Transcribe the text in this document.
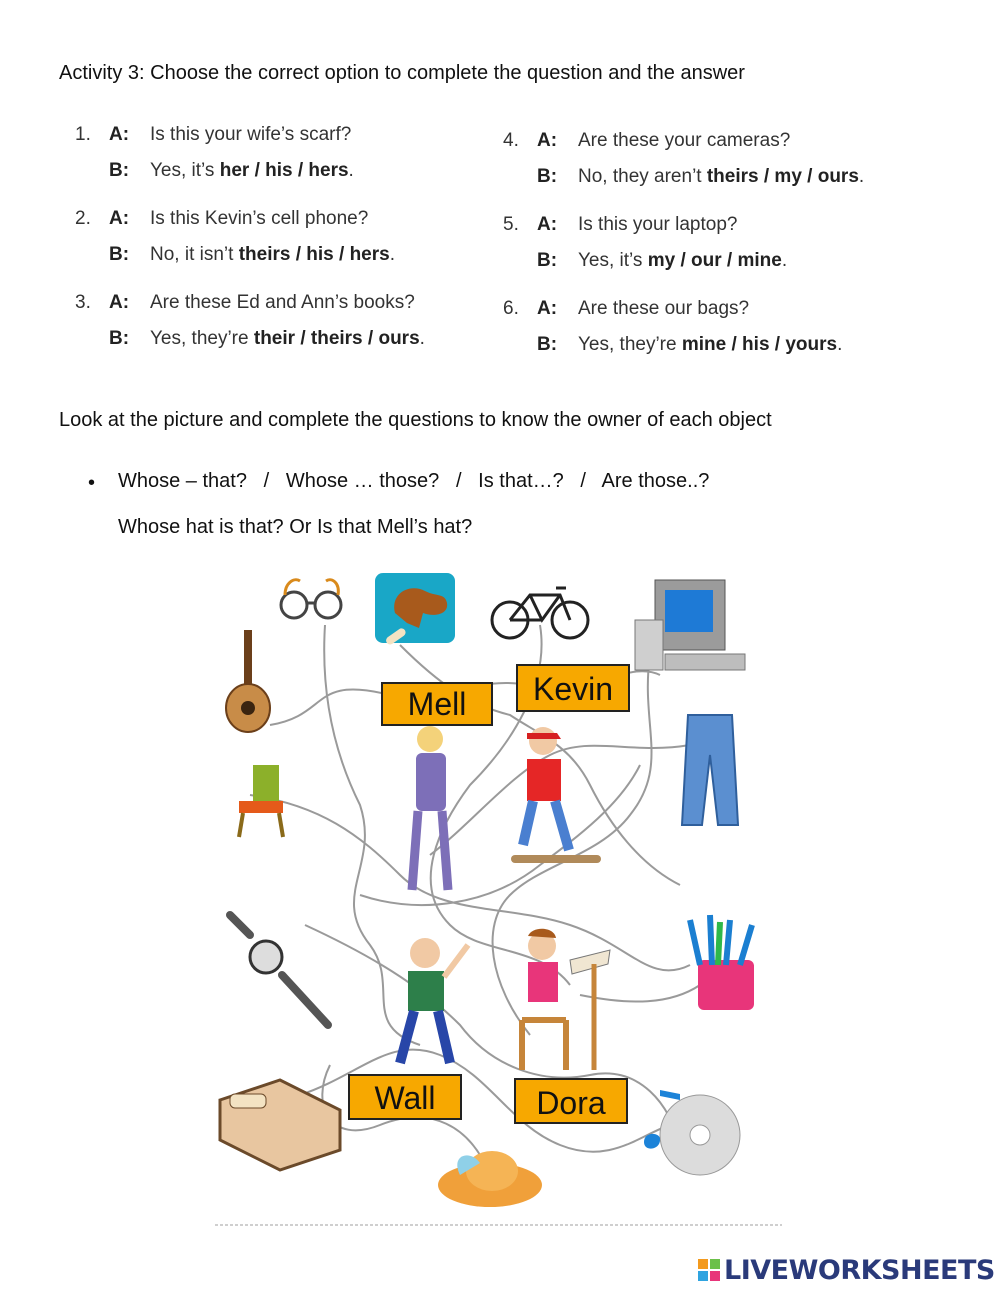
Activity 3: Choose the correct option to complete the question and the answer
1. A: Is this your wife’s scarf?
B: Yes, it’s her / his / hers.
2. A: Is this Kevin’s cell phone?
B: No, it isn’t theirs / his / hers.
3. A: Are these Ed and Ann’s books?
B: Yes, they’re their / theirs / ours.
4. A: Are these your cameras?
B: No, they aren’t theirs / my / ours.
5. A: Is this your laptop?
B: Yes, it’s my / our / mine.
6. A: Are these our bags?
B: Yes, they’re mine / his / yours.
Look at the picture and complete the questions to know the owner of each object
• Whose – that?   /   Whose … those?   /   Is that…?   /   Are those..?
Whose hat is that? Or Is that Mell’s hat?
Mell Kevin
Wall	Dora
LIVEWORKSHEETS
